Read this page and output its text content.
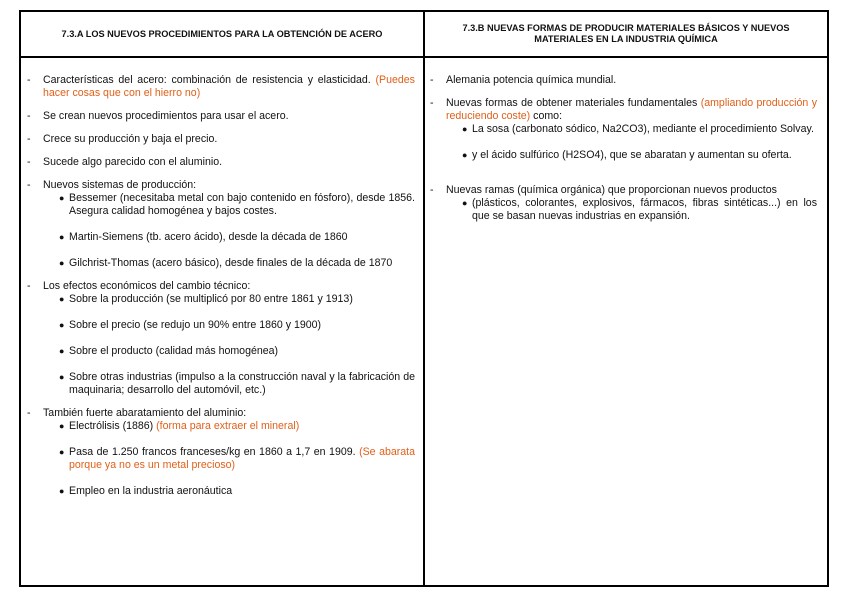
7.3.A LOS NUEVOS PROCEDIMIENTOS PARA LA OBTENCIÓN DE ACERO
- Características del acero: combinación de resistencia y elasticidad. (Puedes hacer cosas que con el hierro no)
- Se crean nuevos procedimientos para usar el acero.
- Crece su producción y baja el precio.
- Sucede algo parecido con el aluminio.
- Nuevos sistemas de producción:
● Bessemer (necesitaba metal con bajo contenido en fósforo), desde 1856. Asegura calidad homogénea y bajos costes.
● Martin-Siemens (tb. acero ácido), desde la década de 1860
● Gilchrist-Thomas (acero básico), desde finales de la década de 1870
- Los efectos económicos del cambio técnico:
● Sobre la producción (se multiplicó por 80 entre 1861 y 1913)
● Sobre el precio (se redujo un 90% entre 1860 y 1900)
● Sobre el producto (calidad más homogénea)
● Sobre otras industrias (impulso a la construcción naval y la fabricación de maquinaria; desarrollo del automóvil, etc.)
- También fuerte abaratamiento del aluminio:
● Electrólisis (1886) (forma para extraer el mineral)
● Pasa de 1.250 francos franceses/kg en 1860 a 1,7 en 1909. (Se abarata porque ya no es un metal precioso)
● Empleo en la industria aeronáutica
7.3.B NUEVAS FORMAS DE PRODUCIR MATERIALES BÁSICOS Y NUEVOS MATERIALES EN LA INDUSTRIA QUÍMICA
- Alemania potencia química mundial.
- Nuevas formas de obtener materiales fundamentales (ampliando producción y reduciendo coste) como:
● La sosa (carbonato sódico, Na2CO3), mediante el procedimiento Solvay.
● y el ácido sulfúrico (H2SO4), que se abaratan y aumentan su oferta.
- Nuevas ramas (química orgánica) que proporcionan nuevos productos
● (plásticos, colorantes, explosivos, fármacos, fibras sintéticas...) en los que se basan nuevas industrias en expansión.
